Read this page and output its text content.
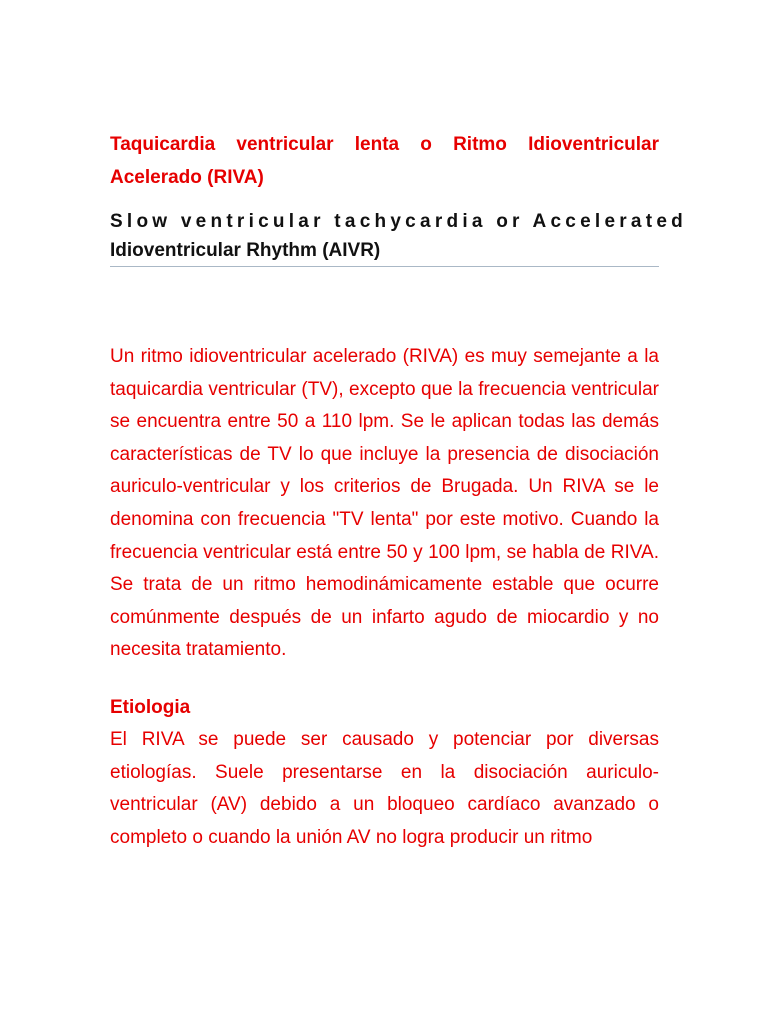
Taquicardia ventricular lenta o Ritmo Idioventricular Acelerado (RIVA)
Slow ventricular tachycardia or Accelerated
Idioventricular Rhythm (AIVR)

Un ritmo idioventricular acelerado (RIVA) es muy semejante a la taquicardia ventricular (TV), excepto que la frecuencia ventricular se encuentra entre 50 a 110 lpm. Se le aplican todas las demás características de TV lo que incluye la presencia de disociación auriculo-ventricular y los criterios de Brugada. Un RIVA se le denomina con frecuencia "TV lenta" por este motivo. Cuando la frecuencia ventricular está entre 50 y 100 lpm, se habla de RIVA. Se trata de un ritmo hemodinámicamente estable que ocurre comúnmente después de un infarto agudo de miocardio y no necesita tratamiento.

Etiologia

El RIVA se puede ser causado y potenciar por diversas etiologías. Suele presentarse en la disociación auriculo-ventricular (AV) debido a un bloqueo cardíaco avanzado o completo o cuando la unión AV no logra producir un ritmo
